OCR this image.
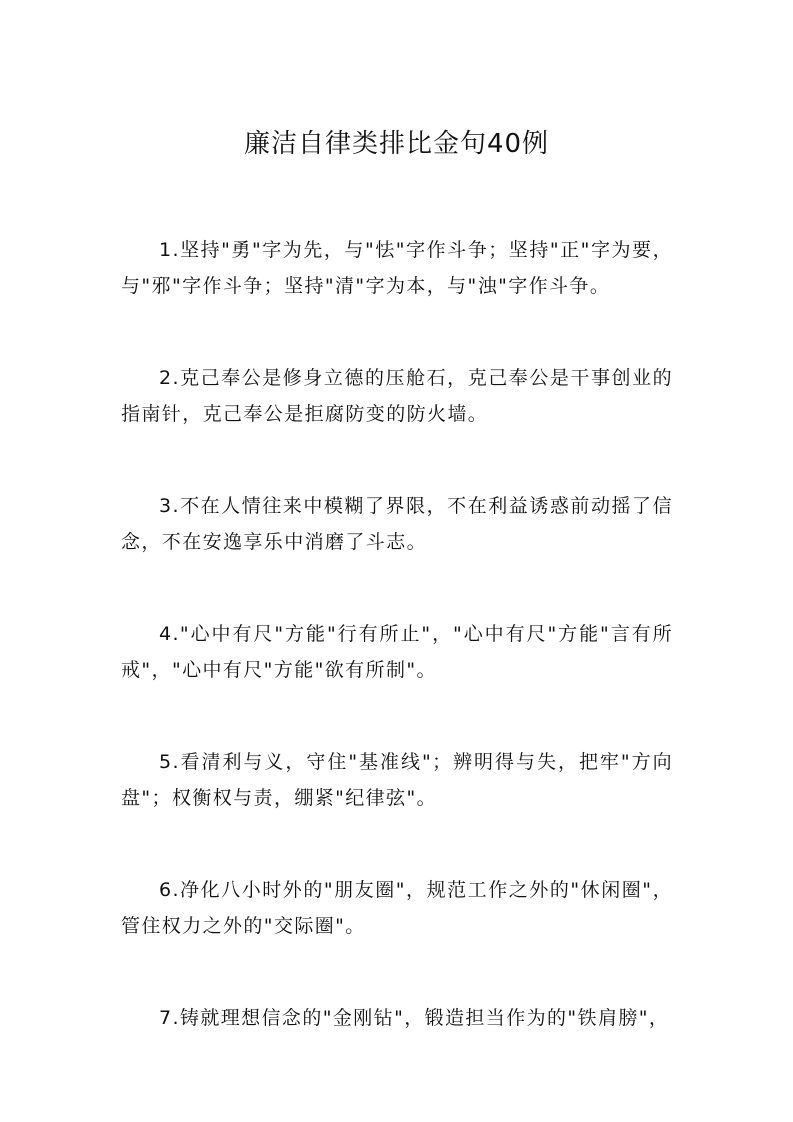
廉洁自律类排比金句40例

1.坚持"勇"字为先，与"怯"字作斗争；坚持"正"字为要，与"邪"字作斗争；坚持"清"字为本，与"浊"字作斗争。

2.克己奉公是修身立德的压舱石，克己奉公是干事创业的指南针，克己奉公是拒腐防变的防火墙。

3.不在人情往来中模糊了界限，不在利益诱惑前动摇了信念，不在安逸享乐中消磨了斗志。

4."心中有尺"方能"行有所止"，"心中有尺"方能"言有所戒"，"心中有尺"方能"欲有所制"。

5.看清利与义，守住"基准线"；辨明得与失，把牢"方向盘"；权衡权与责，绷紧"纪律弦"。

6.净化八小时外的"朋友圈"，规范工作之外的"休闲圈"，管住权力之外的"交际圈"。

7.铸就理想信念的"金刚钻"，锻造担当作为的"铁肩膀"，
